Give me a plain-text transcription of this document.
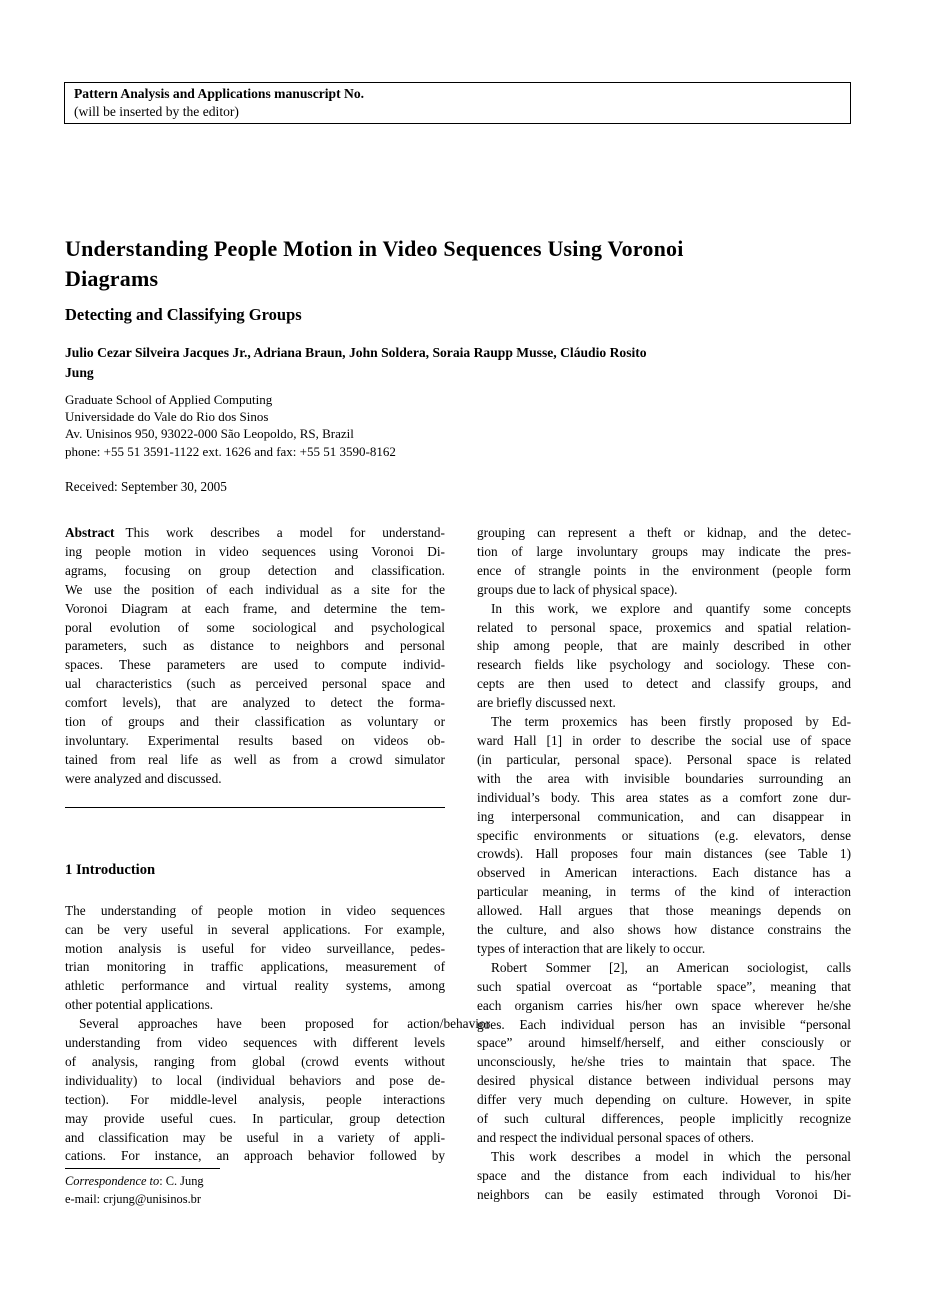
Pattern Analysis and Applications manuscript No.
(will be inserted by the editor)
Understanding People Motion in Video Sequences Using Voronoi
Diagrams
Detecting and Classifying Groups
Julio Cezar Silveira Jacques Jr., Adriana Braun, John Soldera, Soraia Raupp Musse, Cláudio Rosito
Jung
Graduate School of Applied Computing
Universidade do Vale do Rio dos Sinos
Av. Unisinos 950, 93022-000 São Leopoldo, RS, Brazil
phone: +55 51 3591-1122 ext. 1626 and fax: +55 51 3590-8162
Received: September 30, 2005
Abstract This work describes a model for understand-
ing people motion in video sequences using Voronoi Di-
agrams, focusing on group detection and classification.
We use the position of each individual as a site for the
Voronoi Diagram at each frame, and determine the tem-
poral evolution of some sociological and psychological
parameters, such as distance to neighbors and personal
spaces. These parameters are used to compute individ-
ual characteristics (such as perceived personal space and
comfort levels), that are analyzed to detect the forma-
tion of groups and their classification as voluntary or
involuntary. Experimental results based on videos ob-
tained from real life as well as from a crowd simulator
were analyzed and discussed.
1 Introduction
The understanding of people motion in video sequences
can be very useful in several applications. For example,
motion analysis is useful for video surveillance, pedes-
trian monitoring in traffic applications, measurement of
athletic performance and virtual reality systems, among
other potential applications.
Several approaches have been proposed for action/behavior
understanding from video sequences with different levels
of analysis, ranging from global (crowd events without
individuality) to local (individual behaviors and pose de-
tection). For middle-level analysis, people interactions
may provide useful cues. In particular, group detection
and classification may be useful in a variety of appli-
cations. For instance, an approach behavior followed by
Correspondence to: C. Jung
e-mail: crjung@unisinos.br
grouping can represent a theft or kidnap, and the detec-
tion of large involuntary groups may indicate the pres-
ence of strangle points in the environment (people form
groups due to lack of physical space).
In this work, we explore and quantify some concepts
related to personal space, proxemics and spatial relation-
ship among people, that are mainly described in other
research fields like psychology and sociology. These con-
cepts are then used to detect and classify groups, and
are briefly discussed next.
The term proxemics has been firstly proposed by Ed-
ward Hall [1] in order to describe the social use of space
(in particular, personal space). Personal space is related
with the area with invisible boundaries surrounding an
individual’s body. This area states as a comfort zone dur-
ing interpersonal communication, and can disappear in
specific environments or situations (e.g. elevators, dense
crowds). Hall proposes four main distances (see Table 1)
observed in American interactions. Each distance has a
particular meaning, in terms of the kind of interaction
allowed. Hall argues that those meanings depends on
the culture, and also shows how distance constrains the
types of interaction that are likely to occur.
Robert Sommer [2], an American sociologist, calls
such spatial overcoat as “portable space”, meaning that
each organism carries his/her own space wherever he/she
goes. Each individual person has an invisible “personal
space” around himself/herself, and either consciously or
unconsciously, he/she tries to maintain that space. The
desired physical distance between individual persons may
differ very much depending on culture. However, in spite
of such cultural differences, people implicitly recognize
and respect the individual personal spaces of others.
This work describes a model in which the personal
space and the distance from each individual to his/her
neighbors can be easily estimated through Voronoi Di-
